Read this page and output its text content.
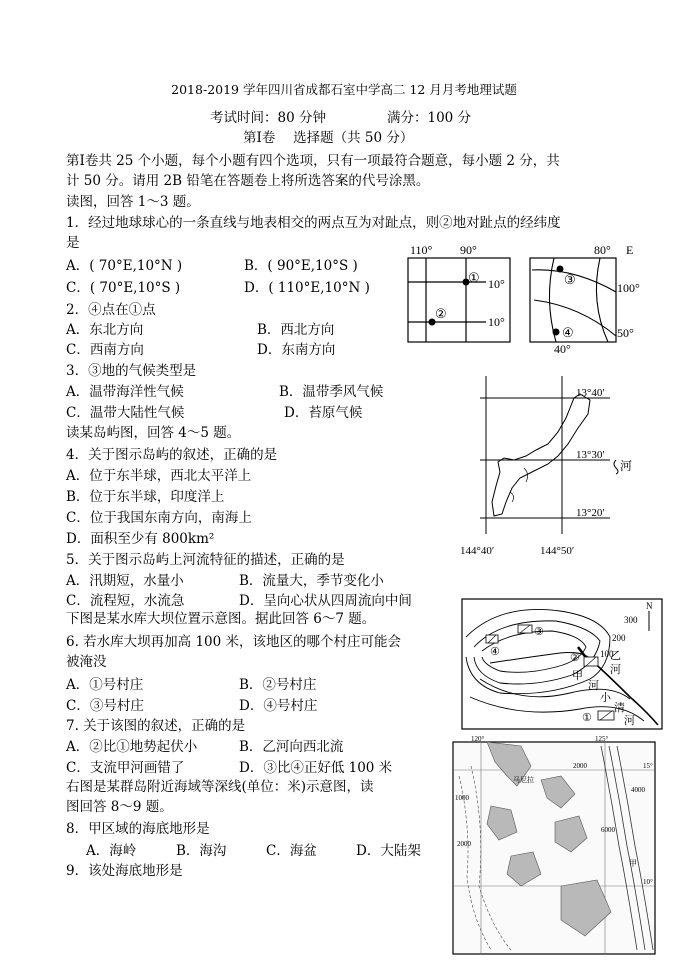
2018-2019 学年四川省成都石室中学高二 12 月月考地理试题
考试时间：80 分钟	满分：100 分
第Ⅰ卷　 选择题（共 50 分）
第Ⅰ卷共 25 个小题，每个小题有四个选项，只有一项最符合题意，每小题 2 分，共
计 50 分。请用 2B 铅笔在答题卷上将所选答案的代号涂黑。
读图，回答 1～3 题。
1．经过地球球心的一条直线与地表相交的两点互为对趾点，则②地对趾点的经纬度
是
A．( 70°E,10°N )	B．( 90°E,10°S )
C．( 70°E,10°S )	D．( 110°E,10°N )
2．④点在①点
A．东北方向	B．西北方向
C．西南方向	D．东南方向
3．③地的气候类型是
A．温带海洋性气候	B．温带季风气候
C．温带大陆性气候	D．苔原气候
读某岛屿图，回答 4～5 题。
4．关于图示岛屿的叙述，正确的是
A．位于东半球，西北太平洋上
B．位于东半球，印度洋上
C．位于我国东南方向，南海上
D．面积至少有 800km²
5．关于图示岛屿上河流特征的描述，正确的是
A．汛期短，水量小	B．流量大，季节变化小
C．流程短，水流急	D．呈向心状从四周流向中间
下图是某水库大坝位置示意图。据此回答 6～7 题。
6. 若水库大坝再加高 100 米，该地区的哪个村庄可能会
被淹没
A．①号村庄	B．②号村庄
C．③号村庄	D．④号村庄
7. 关于该图的叙述，正确的是
A．②比①地势起伏小	B．乙河向西北流
C．支流甲河画错了	D．③比④正好低 100 米
右图是某群岛附近海域等深线(单位：米)示意图，读
图回答 8～9 题。
8．甲区域的海底地形是
A．海岭	B．海沟	C．海盆	D．大陆架
9．该处海底地形是
110° 90°
①
②
10°
10°
③
④
80° E
100°
50°
40°
河
13°40′
13°30′
13°20′
144°40′	144°50′
③
④	②
①
300
200
100
N
乙
河
甲
河
小
清
河
120°	125°
15°
10°
1000
2000
2000
4000
6000
马尼拉
甲
